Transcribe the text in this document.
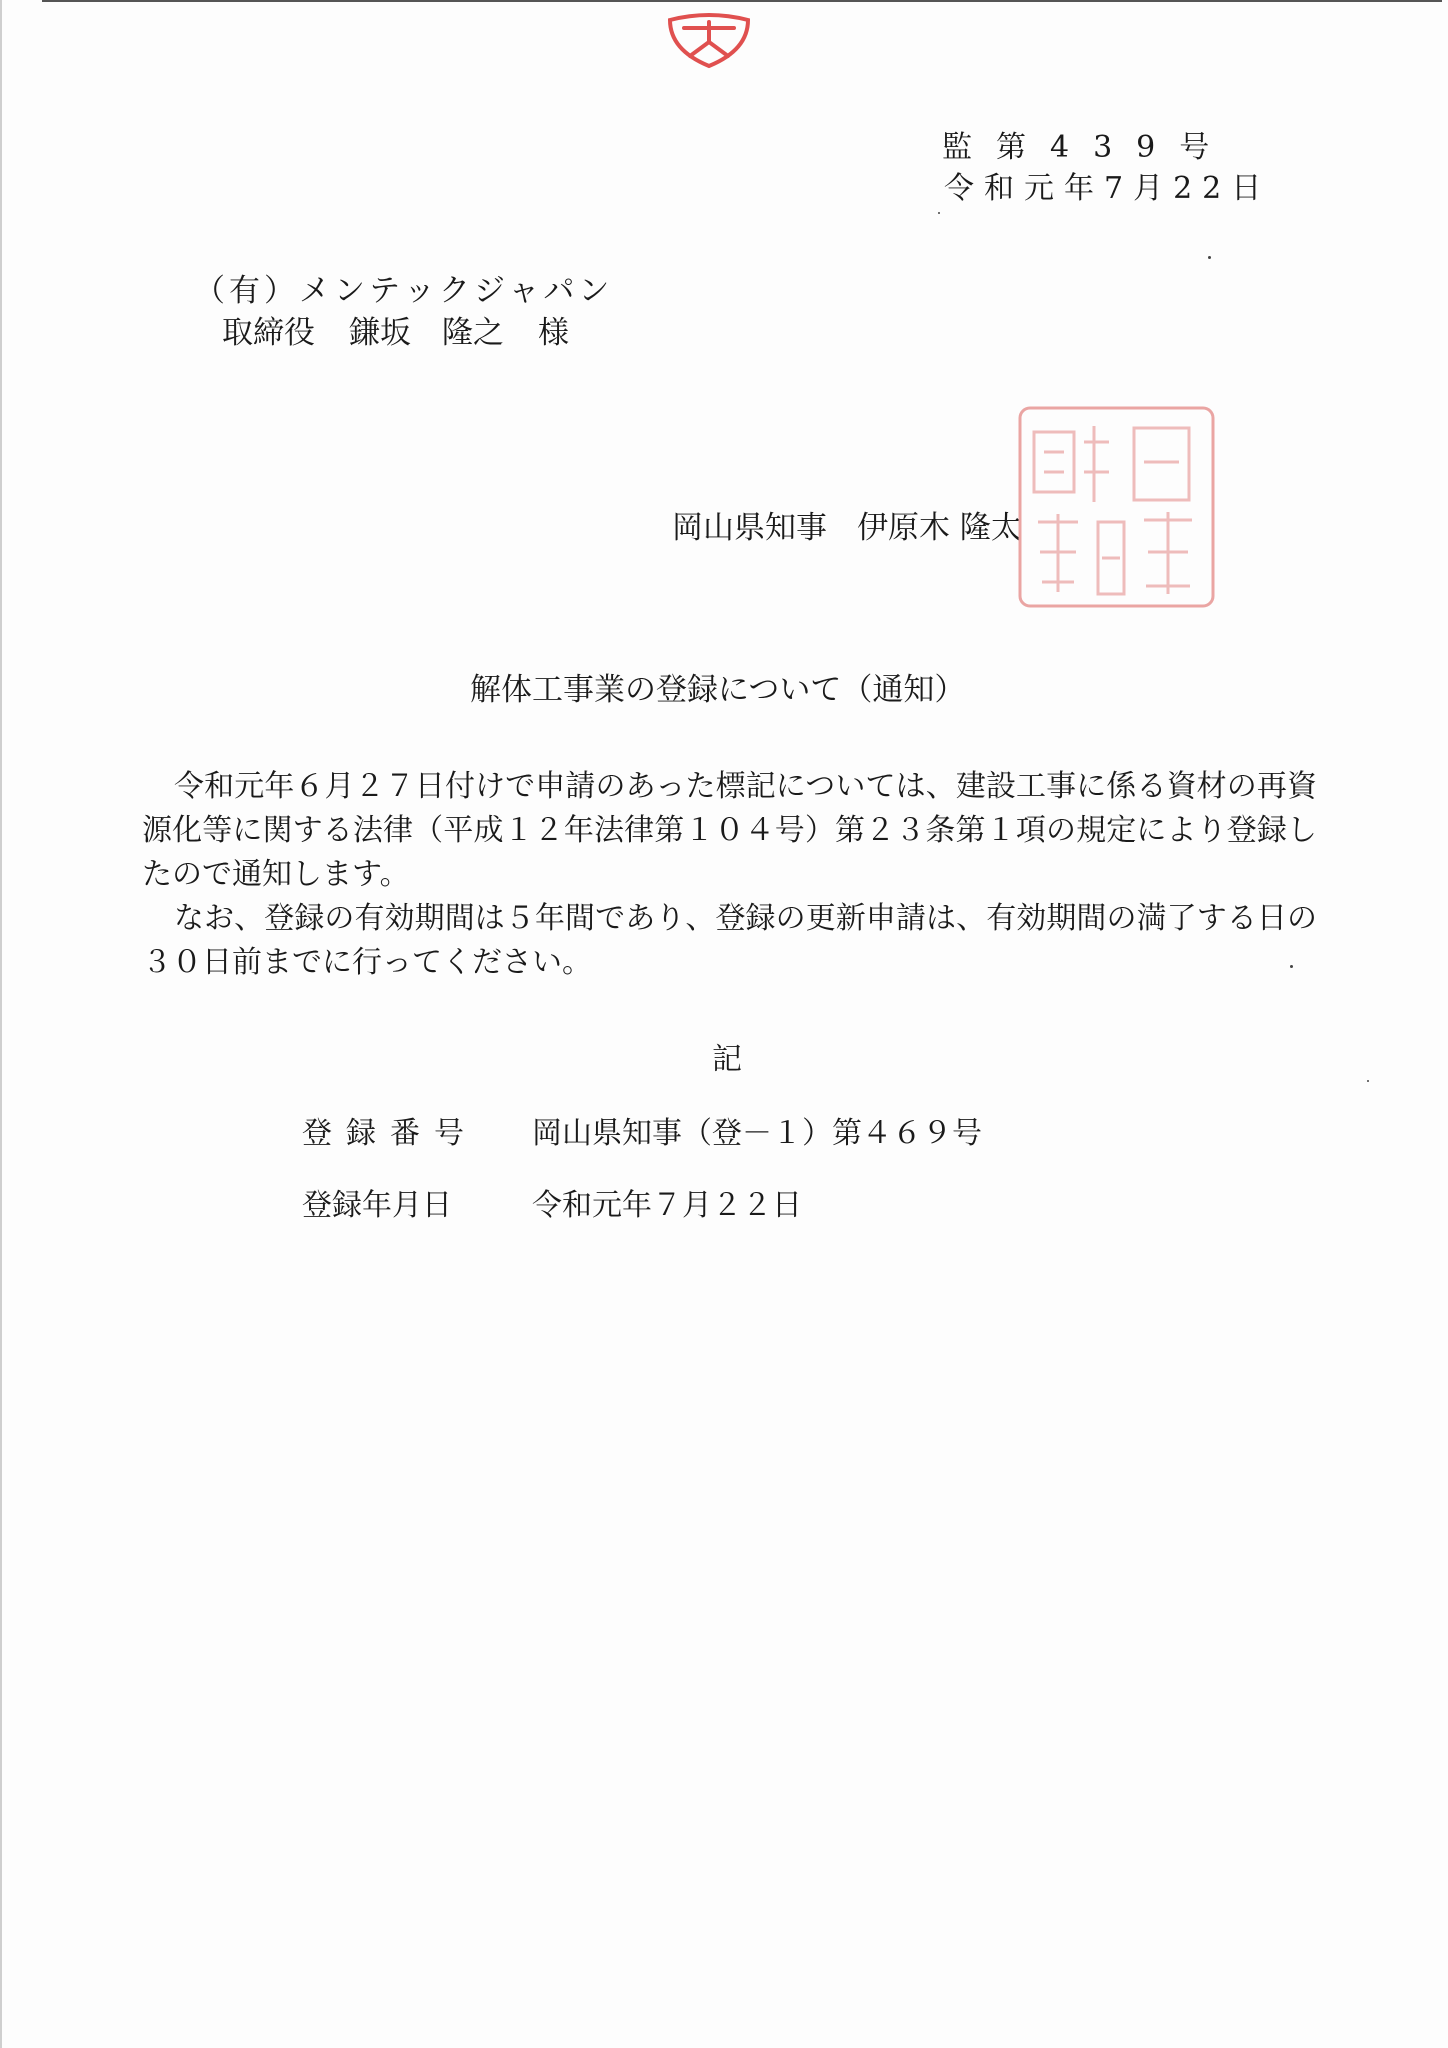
監第439号
令和元年7月22日
（有）メンテックジャパン
取締役 鎌坂　隆之 様
岡山県知事 伊原木 隆太
解体工事業の登録について（通知）

令和元年６月２７日付けで申請のあった標記については、建設工事に係る資材の再資源化等に関する法律（平成１２年法律第１０４号）第２３条第１項の規定により登録したので通知します。

なお、登録の有効期間は５年間であり、登録の更新申請は、有効期間の満了する日の３０日前までに行ってください。

記
登録番号 岡山県知事（登－１）第４６９号
登録年月日	令和元年７月２２日
